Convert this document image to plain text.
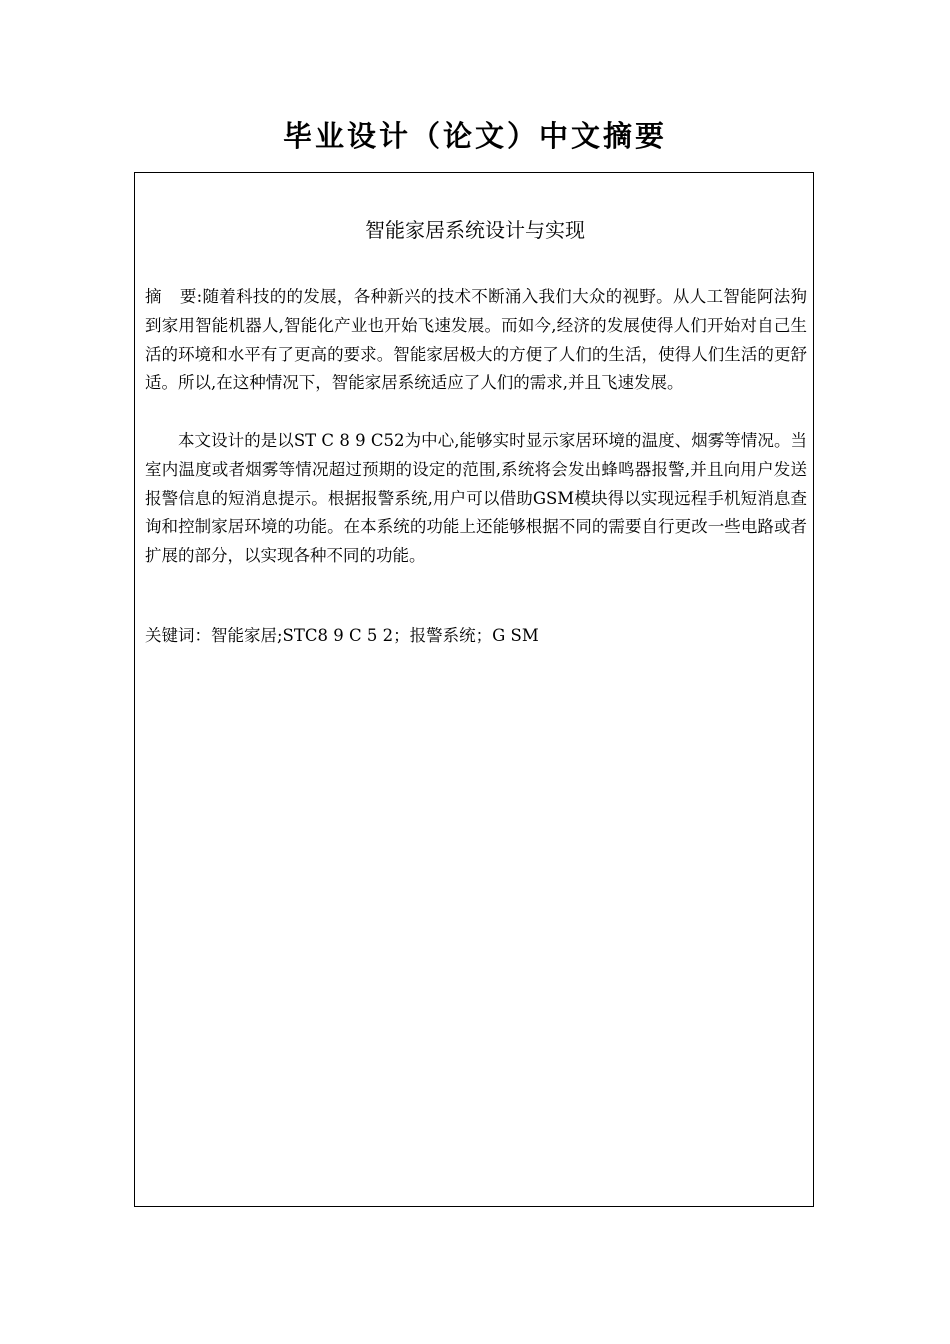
毕业设计（论文）中文摘要
智能家居系统设计与实现

摘要:随着科技的的发展，各种新兴的技术不断涌入我们大众的视野。从人工智能阿法狗到家用智能机器人,智能化产业也开始飞速发展。而如今,经济的发展使得人们开始对自己生活的环境和水平有了更高的要求。智能家居极大的方便了人们的生活，使得人们生活的更舒适。所以,在这种情况下，智能家居系统适应了人们的需求,并且飞速发展。

本文设计的是以ST C 8 9 C52为中心,能够实时显示家居环境的温度、烟雾等情况。当室内温度或者烟雾等情况超过预期的设定的范围,系统将会发出蜂鸣器报警,并且向用户发送报警信息的短消息提示。根据报警系统,用户可以借助GSM模块得以实现远程手机短消息查询和控制家居环境的功能。在本系统的功能上还能够根据不同的需要自行更改一些电路或者扩展的部分，以实现各种不同的功能。

关键词：智能家居;STC8 9 C 5 2；报警系统；G SM
